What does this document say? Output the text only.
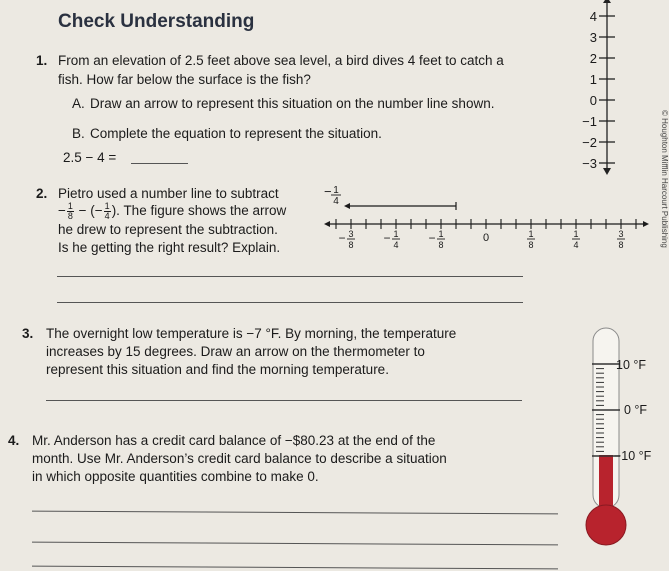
Check Understanding
1. From an elevation of 2.5 feet above sea level, a bird dives 4 feet to catch a
fish. How far below the surface is the fish?
A. Draw an arrow to represent this situation on the number line shown.
B. Complete the equation to represent the situation.
2.5 − 4 =
4
3
2
1
0
−1
−2
−3
2. Pietro used a number line to subtract
− $\frac{1}{8}$ − (− $\frac{1}{4}$ ). The figure shows the arrow
he drew to represent the subtraction.
Is he getting the right result? Explain.
− 1
4
− 3
8 − 1
4 − 1
8
0	1
8
1
4
3
8
3. The overnight low temperature is −7 °F. By morning, the temperature
increases by 15 degrees. Draw an arrow on the thermometer to
represent this situation and find the morning temperature.	10 °F
0 °F
−10 °F
4. Mr. Anderson has a credit card balance of −$80.23 at the end of the
month. Use Mr. Anderson’s credit card balance to describe a situation
in which opposite quantities combine to make 0.
© Houghton Mifflin Harcourt Publishing
